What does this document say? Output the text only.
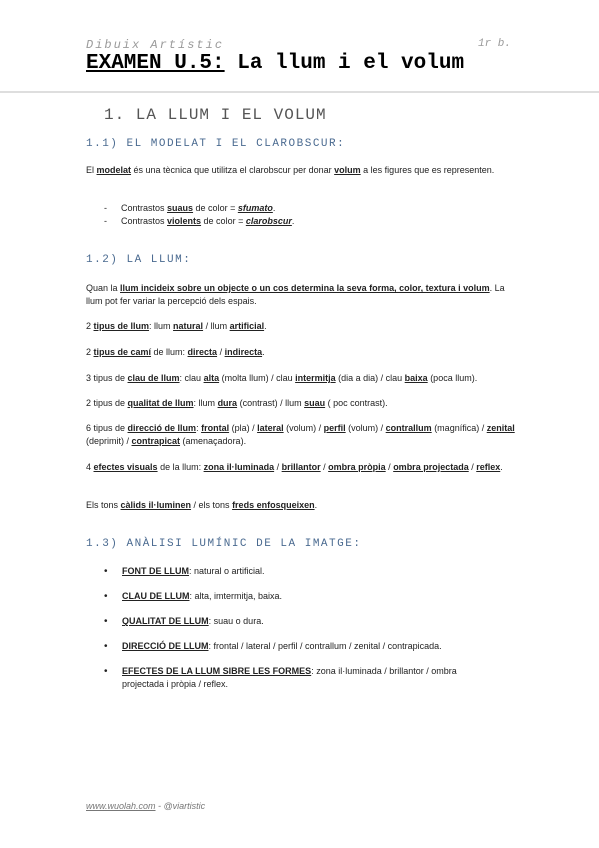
Dibuix Artístic	1r b.
EXAMEN U.5: La llum i el volum
1. LA LLUM I EL VOLUM
1.1) EL MODELAT I EL CLAROBSCUR:
El modelat és una tècnica que utilitza el clarobscur per donar volum a les figures que es representen.
-	Contrastos suaus de color = sfumato.
-	Contrastos violents de color = clarobscur.
1.2) LA LLUM:
Quan la llum incideix sobre un objecte o un cos determina la seva forma, color, textura i volum. La llum pot fer variar la percepció dels espais.
2 tipus de llum: llum natural / llum artificial.
2 tipus de camí de llum: directa / indirecta.
3 tipus de clau de llum: clau alta (molta llum) / clau intermitja (dia a dia) / clau baixa (poca llum).
2 tipus de qualitat de llum: llum dura (contrast) / llum suau ( poc contrast).
6 tipus de direcció de llum: frontal (pla) / lateral (volum) / perfil (volum) / contrallum (magnífica) / zenital (deprimit) / contrapicat (amenaçadora).
4 efectes visuals de la llum: zona il·luminada / brillantor / ombra pròpia / ombra projectada / reflex.
Els tons càlids il·luminen / els tons freds enfosqueixen.
1.3) ANÀLISI LUMÍNIC DE LA IMATGE:
•	FONT DE LLUM: natural o artificial.
•	CLAU DE LLUM: alta, imtermitja, baixa.
•	QUALITAT DE LLUM: suau o dura.
•	DIRECCIÓ DE LLUM: frontal / lateral / perfil / contrallum / zenital / contrapicada.
•	EFECTES DE LA LLUM SIBRE LES FORMES: zona il·luminada / brillantor / ombra projectada i pròpia / reflex.
www.wuolah.com - @viartistic
